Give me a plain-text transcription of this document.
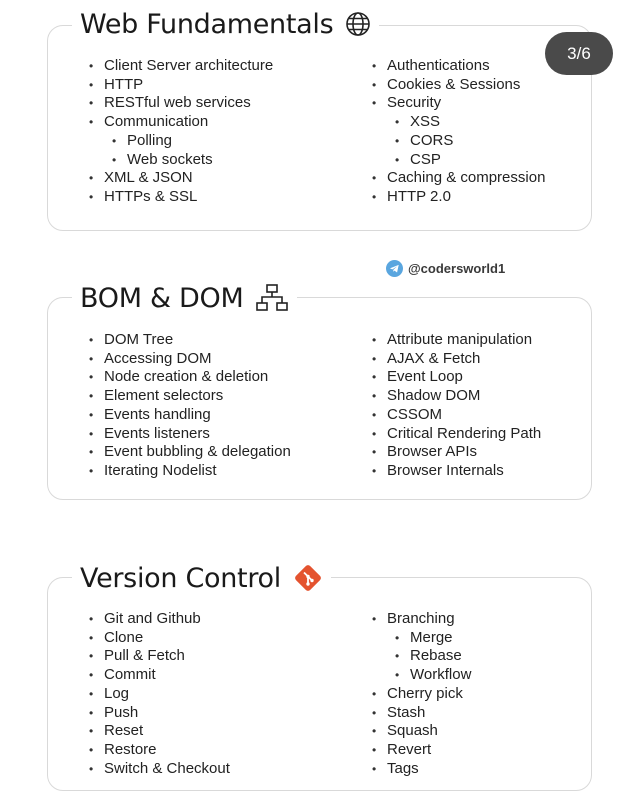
Web Fundamentals
• Client Server architecture
• HTTP
• RESTful web services
• Communication
• Polling
• Web sockets
• XML & JSON
• HTTPs & SSL
• Authentications
• Cookies & Sessions
• Security
• XSS
• CORS
• CSP
• Caching & compression
• HTTP 2.0
3/6
@codersworld1
BOM & DOM
• DOM Tree
• Accessing DOM
• Node creation & deletion
• Element selectors
• Events handling
• Events listeners
• Event bubbling & delegation
• Iterating Nodelist
• Attribute manipulation
• AJAX & Fetch
• Event Loop
• Shadow DOM
• CSSOM
• Critical Rendering Path
• Browser APIs
• Browser Internals
Version Control
• Git and Github
• Clone
• Pull & Fetch
• Commit
• Log
• Push
• Reset
• Restore
• Switch & Checkout
• Branching
• Merge
• Rebase
• Workflow
• Cherry pick
• Stash
• Squash
• Revert
• Tags
